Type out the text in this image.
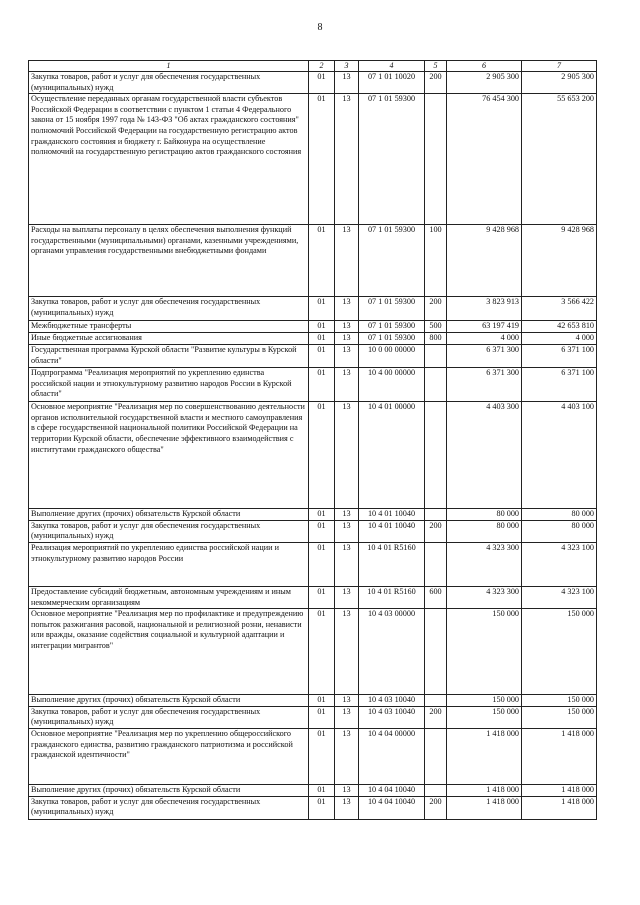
8
1	2	3	4	5	6	7
Закупка товаров, работ и услуг для обеспечения государственных (муниципальных) нужд	01	13	07 1 01 10020	200	2 905 300	2 905 300
Осуществление переданных органам государственной власти субъектов Российской Федерации в соответствии с пунктом 1 статьи 4 Федерального закона от 15 ноября 1997 года № 143-ФЗ "Об актах гражданского состояния" полномочий Российской Федерации на государственную регистрацию актов гражданского состояния и бюджету г. Байконура на осуществление полномочий на государственную регистрацию актов гражданского состояния	01	13	07 1 01 59300		76 454 300	55 653 200
Расходы на выплаты персоналу в целях обеспечения выполнения функций государственными (муниципальными) органами, казенными учреждениями, органами управления государственными внебюджетными фондами	01	13	07 1 01 59300	100	9 428 968	9 428 968
Закупка товаров, работ и услуг для обеспечения государственных (муниципальных) нужд	01	13	07 1 01 59300	200	3 823 913	3 566 422
Межбюджетные трансферты	01	13	07 1 01 59300	500	63 197 419	42 653 810
Иные бюджетные ассигнования	01	13	07 1 01 59300	800	4 000	4 000
Государственная программа Курской области "Развитие культуры в Курской области"	01	13	10 0 00 00000		6 371 300	6 371 100
Подпрограмма "Реализация мероприятий по укреплению единства российской нации и этнокультурному развитию народов России в Курской области"	01	13	10 4 00 00000		6 371 300	6 371 100
Основное мероприятие "Реализация мер по совершенствованию деятельности органов исполнительной государственной власти и местного самоуправления в сфере государственной национальной политики Российской Федерации на территории Курской области, обеспечение эффективного взаимодействия с институтами гражданского общества"	01	13	10 4 01 00000		4 403 300	4 403 100
Выполнение других (прочих) обязательств Курской области	01	13	10 4 01 10040		80 000	80 000
Закупка товаров, работ и услуг для обеспечения государственных (муниципальных) нужд	01	13	10 4 01 10040	200	80 000	80 000
Реализация мероприятий по укреплению единства российской нации и этнокультурному развитию народов России	01	13	10 4 01 R5160		4 323 300	4 323 100
Предоставление субсидий бюджетным, автономным учреждениям и иным некоммерческим организациям	01	13	10 4 01 R5160	600	4 323 300	4 323 100
Основное мероприятие "Реализация мер по профилактике и предупреждению попыток разжигания расовой, национальной и религиозной розни, ненависти или вражды, оказание содействия социальной и культурной адаптации и интеграции мигрантов"	01	13	10 4 03 00000		150 000	150 000
Выполнение других (прочих) обязательств Курской области	01	13	10 4 03 10040		150 000	150 000
Закупка товаров, работ и услуг для обеспечения государственных (муниципальных) нужд	01	13	10 4 03 10040	200	150 000	150 000
Основное мероприятие "Реализация мер по укреплению общероссийского гражданского единства, развитию гражданского патриотизма и российской гражданской идентичности"	01	13	10 4 04 00000		1 418 000	1 418 000
Выполнение других (прочих) обязательств Курской области	01	13	10 4 04 10040		1 418 000	1 418 000
Закупка товаров, работ и услуг для обеспечения государственных (муниципальных) нужд	01	13	10 4 04 10040	200	1 418 000	1 418 000
